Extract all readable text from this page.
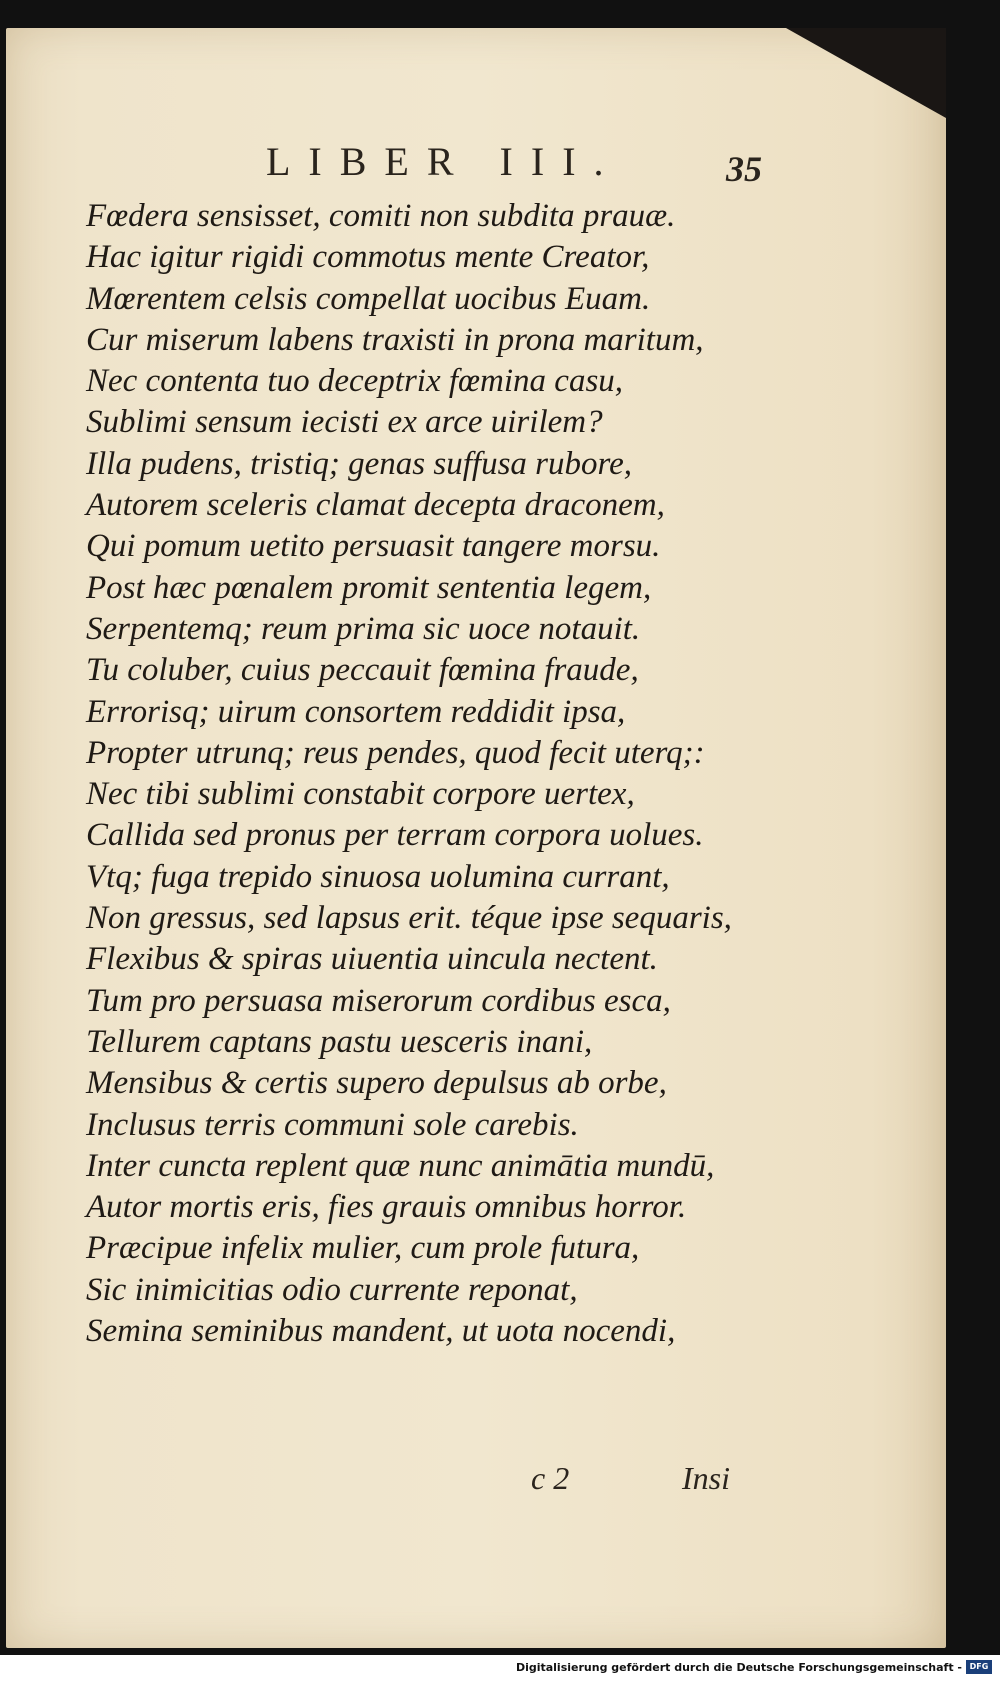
LIBER III.	35
Fœdera sensisset, comiti non subdita prauæ.
Hac igitur rigidi commotus mente Creator,
Mœrentem celsis compellat uocibus Euam.
Cur miserum labens traxisti in prona maritum,
Nec contenta tuo deceptrix fœmina casu,
Sublimi sensum iecisti ex arce uirilem?
Illa pudens, tristiq; genas suffusa rubore,
Autorem sceleris clamat decepta draconem,
Qui pomum uetito persuasit tangere morsu.
Post hæc pœnalem promit sententia legem,
Serpentemq; reum prima sic uoce notauit.
Tu coluber, cuius peccauit fœmina fraude,
Errorisq; uirum consortem reddidit ipsa,
Propter utrunq; reus pendes, quod fecit uterq;:
Nec tibi sublimi constabit corpore uertex,
Callida sed pronus per terram corpora uolues.
Vtq; fuga trepido sinuosa uolumina currant,
Non gressus, sed lapsus erit. téque ipse sequaris,
Flexibus & spiras uiuentia uincula nectent.
Tum pro persuasa miserorum cordibus esca,
Tellurem captans pastu uesceris inani,
Mensibus & certis supero depulsus ab orbe,
Inclusus terris communi sole carebis.
Inter cuncta replent quæ nunc animātia mundū,
Autor mortis eris, fies grauis omnibus horror.
Præcipue infelix mulier, cum prole futura,
Sic inimicitias odio currente reponat,
Semina seminibus mandent, ut uota nocendi,
c 2	Insi
Digitalisierung gefördert durch die Deutsche Forschungsgemeinschaft - DFG
